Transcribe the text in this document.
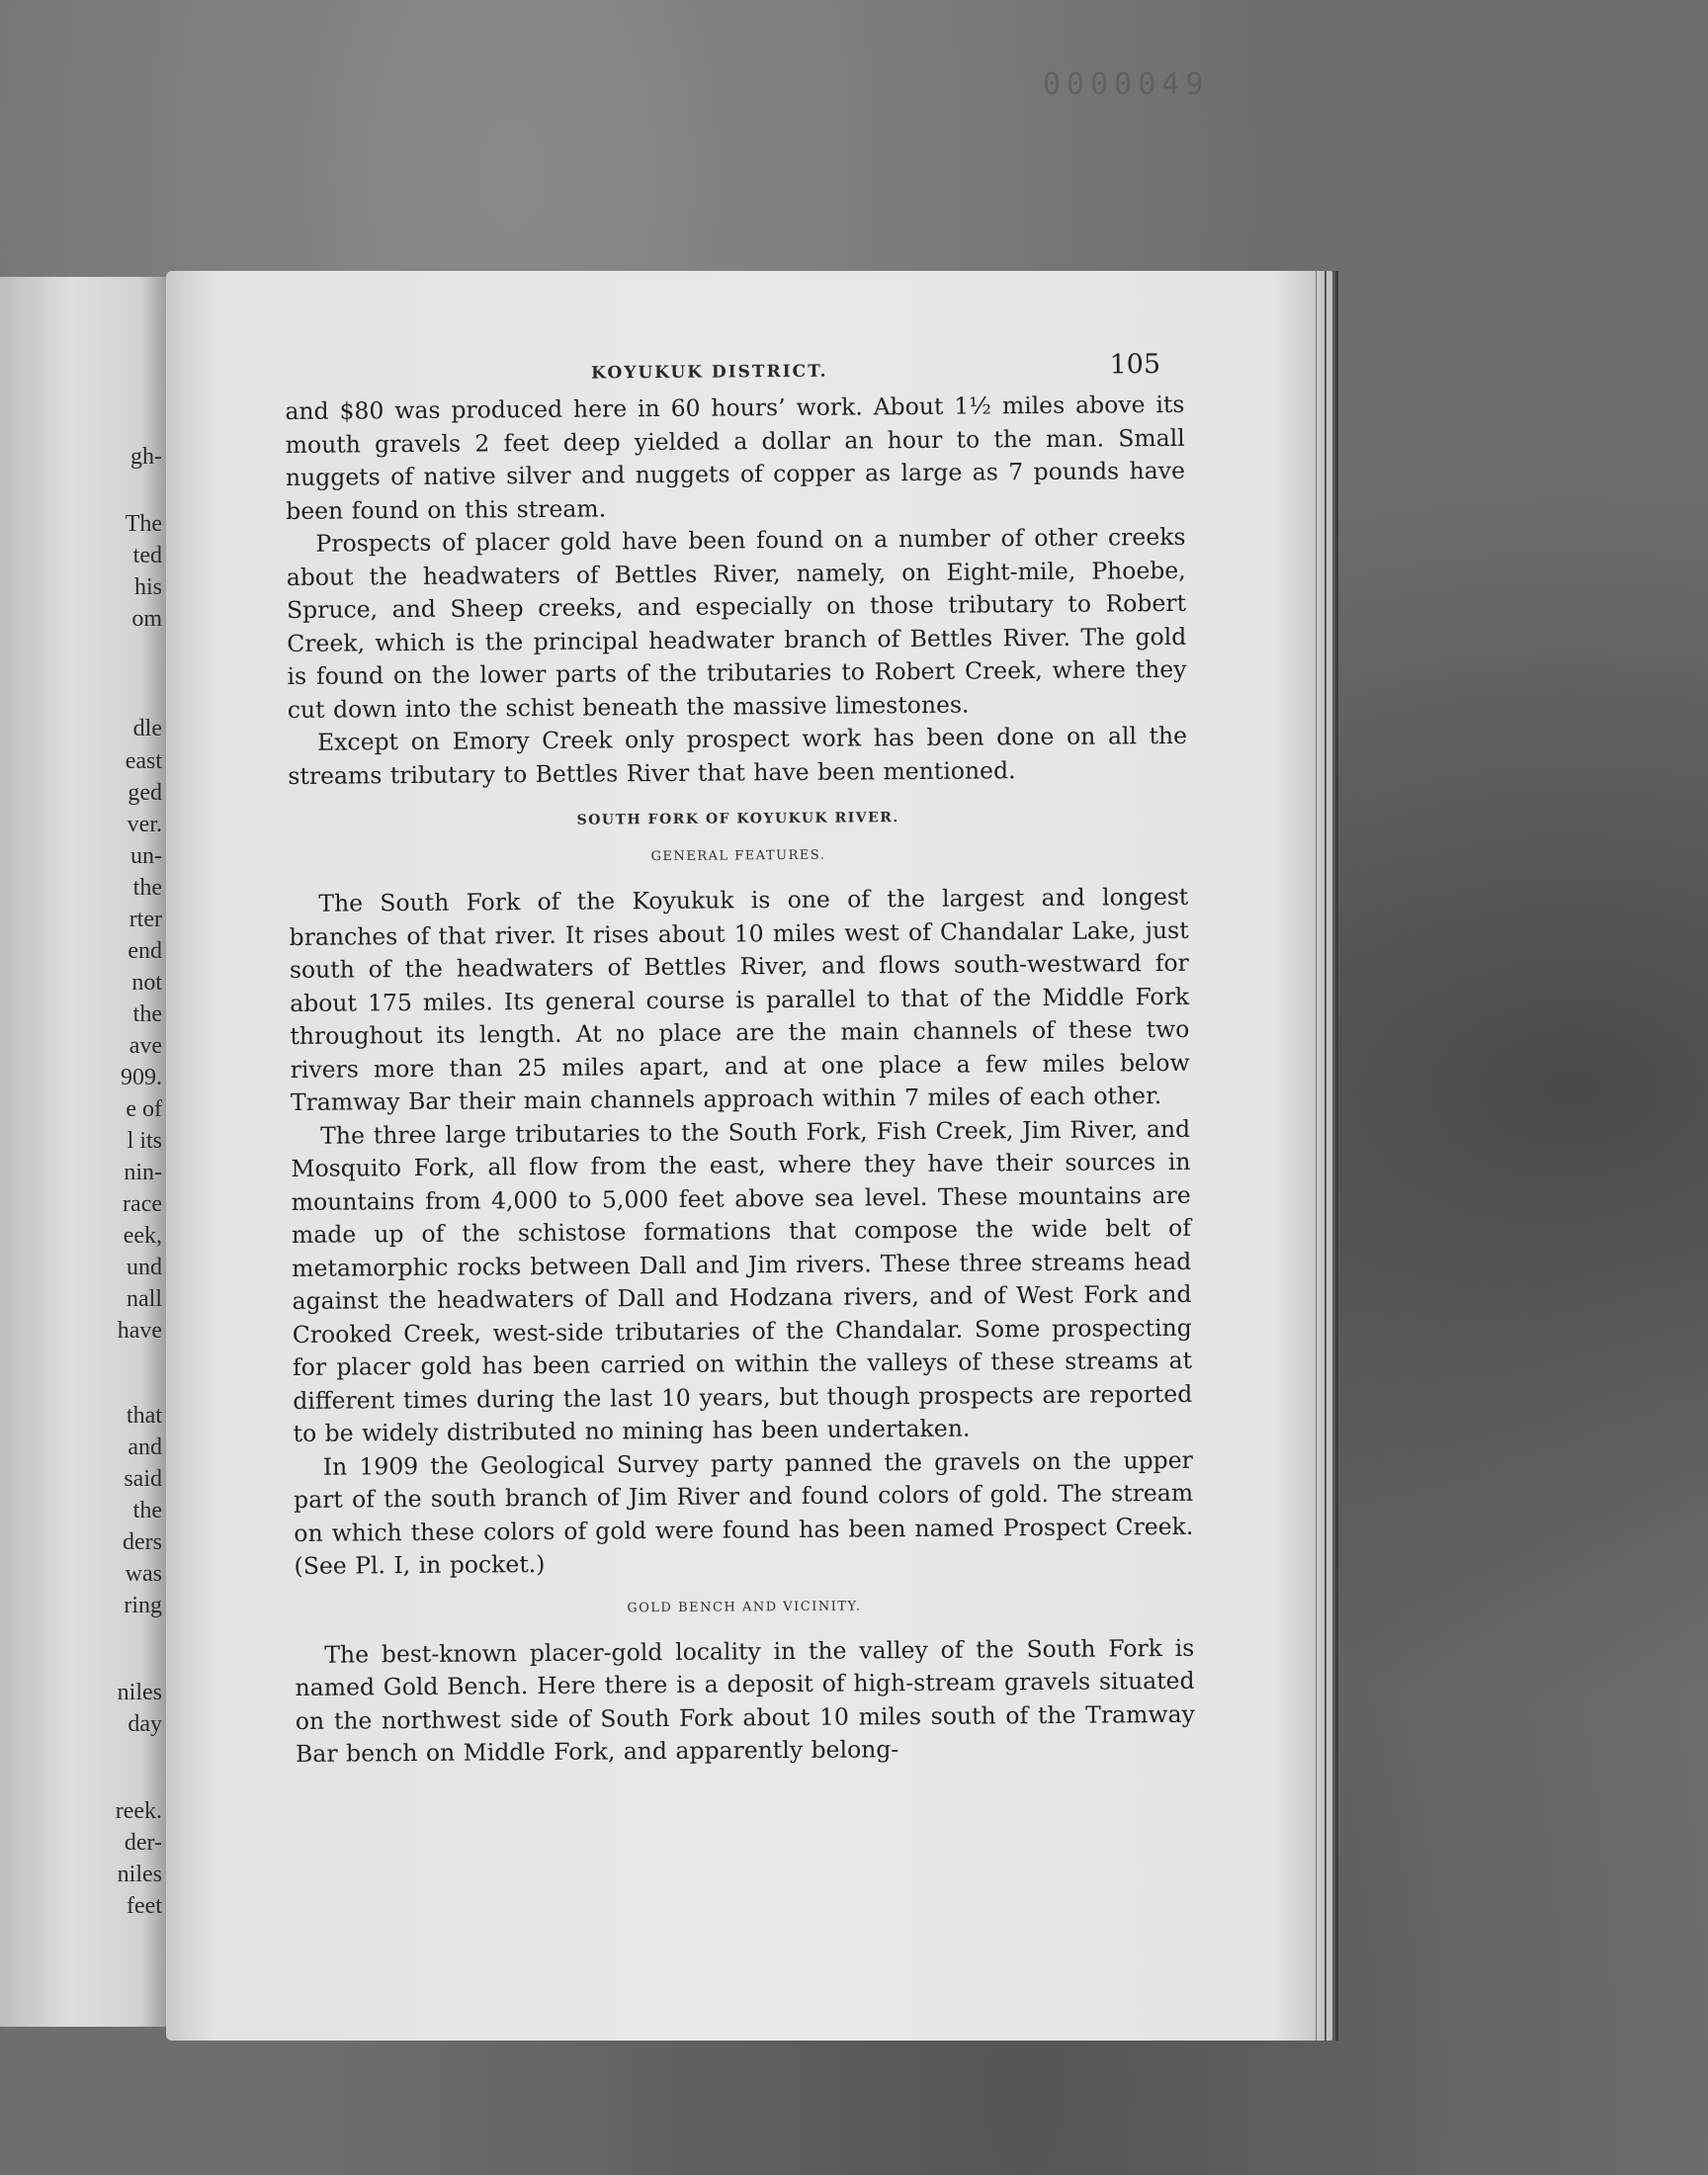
0000049
gh-
The
ted
his
om
dle
east
ged
ver.
un-
the
rter
end
not
the
ave
909.
e of
l its
nin-
race
eek,
und
nall
have
that
and
said
the
ders
was
ring
niles
day
reek.
der-
niles
feet
KOYUKUK DISTRICT.	105

and $80 was produced here in 60 hours’ work. About 1½ miles above its mouth gravels 2 feet deep yielded a dollar an hour to the man. Small nuggets of native silver and nuggets of copper as large as 7 pounds have been found on this stream.

Prospects of placer gold have been found on a number of other creeks about the headwaters of Bettles River, namely, on Eight-mile, Phoebe, Spruce, and Sheep creeks, and especially on those tributary to Robert Creek, which is the principal headwater branch of Bettles River. The gold is found on the lower parts of the tributaries to Robert Creek, where they cut down into the schist beneath the massive limestones.

Except on Emory Creek only prospect work has been done on all the streams tributary to Bettles River that have been mentioned.

SOUTH FORK OF KOYUKUK RIVER.
GENERAL FEATURES.

The South Fork of the Koyukuk is one of the largest and longest branches of that river. It rises about 10 miles west of Chandalar Lake, just south of the headwaters of Bettles River, and flows south-westward for about 175 miles. Its general course is parallel to that of the Middle Fork throughout its length. At no place are the main channels of these two rivers more than 25 miles apart, and at one place a few miles below Tramway Bar their main channels approach within 7 miles of each other.

The three large tributaries to the South Fork, Fish Creek, Jim River, and Mosquito Fork, all flow from the east, where they have their sources in mountains from 4,000 to 5,000 feet above sea level. These mountains are made up of the schistose formations that compose the wide belt of metamorphic rocks between Dall and Jim rivers. These three streams head against the headwaters of Dall and Hodzana rivers, and of West Fork and Crooked Creek, west-side tributaries of the Chandalar. Some prospecting for placer gold has been carried on within the valleys of these streams at different times during the last 10 years, but though prospects are reported to be widely distributed no mining has been undertaken.

In 1909 the Geological Survey party panned the gravels on the upper part of the south branch of Jim River and found colors of gold. The stream on which these colors of gold were found has been named Prospect Creek. (See Pl. I, in pocket.)

GOLD BENCH AND VICINITY.

The best-known placer-gold locality in the valley of the South Fork is named Gold Bench. Here there is a deposit of high-stream gravels situated on the northwest side of South Fork about 10 miles south of the Tramway Bar bench on Middle Fork, and apparently belong-
